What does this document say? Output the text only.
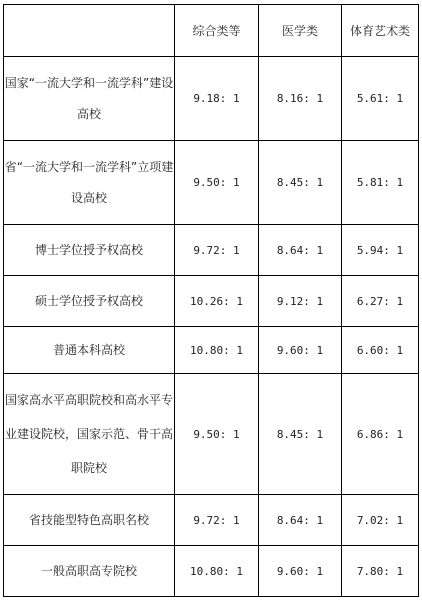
	综合类等	医学类	体育艺术类
国家“一流大学和一流学科”建设高校	9.18: 1	8.16: 1	5.61: 1
省“一流大学和一流学科”立项建设高校	9.50: 1	8.45: 1	5.81: 1
博士学位授予权高校	9.72: 1	8.64: 1	5.94: 1
硕士学位授予权高校	10.26: 1	9.12: 1	6.27: 1
普通本科高校	10.80: 1	9.60: 1	6.60: 1
国家高水平高职院校和高水平专业建设院校，国家示范、骨干高职院校	9.50: 1	8.45: 1	6.86: 1
省技能型特色高职名校	9.72: 1	8.64: 1	7.02: 1
一般高职高专院校	10.80: 1	9.60: 1	7.80: 1
